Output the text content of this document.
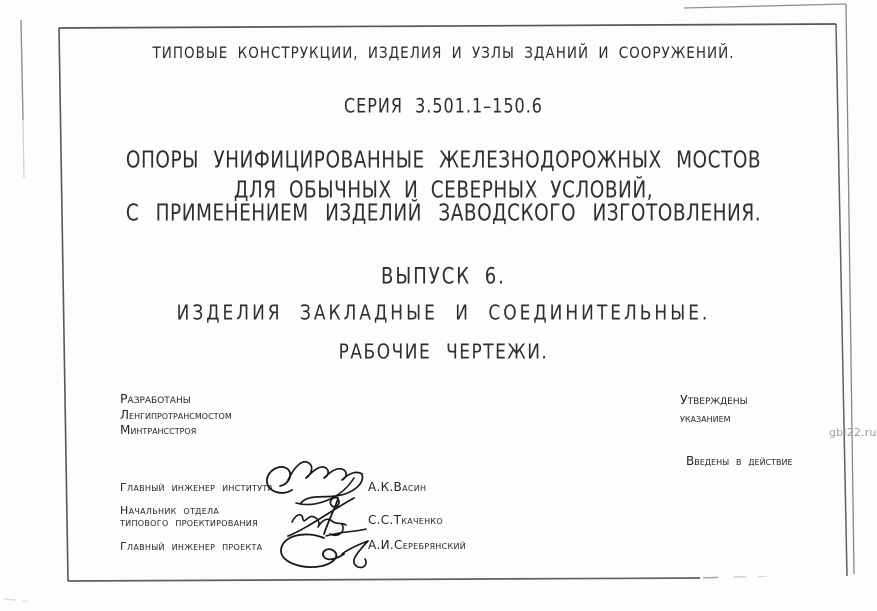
ТИПОВЫЕ КОНСТРУКЦИИ, ИЗДЕЛИЯ И УЗЛЫ ЗДАНИЙ И СООРУЖЕНИЙ.
СЕРИЯ 3.501.1–150.6
ОПОРЫ УНИФИЦИРОВАННЫЕ ЖЕЛЕЗНОДОРОЖНЫХ МОСТОВ
ДЛЯ ОБЫЧНЫХ И СЕВЕРНЫХ УСЛОВИЙ,
С ПРИМЕНЕНИЕМ ИЗДЕЛИЙ ЗАВОДСКОГО ИЗГОТОВЛЕНИЯ.
ВЫПУСК 6.
ИЗДЕЛИЯ ЗАКЛАДНЫЕ И СОЕДИНИТЕЛЬНЫЕ.
РАБОЧИЕ ЧЕРТЕЖИ.
Разработаны
Ленгипротрансмостом
Минтрансстроя
Утверждены
указанием
Введены в действие
Главный инженер института	А.К.Васин
Начальник отдела
типового проектирования	С.С.Ткаченко
Главный инженер проекта	А.И.Серебрянский
gbi22.ru
